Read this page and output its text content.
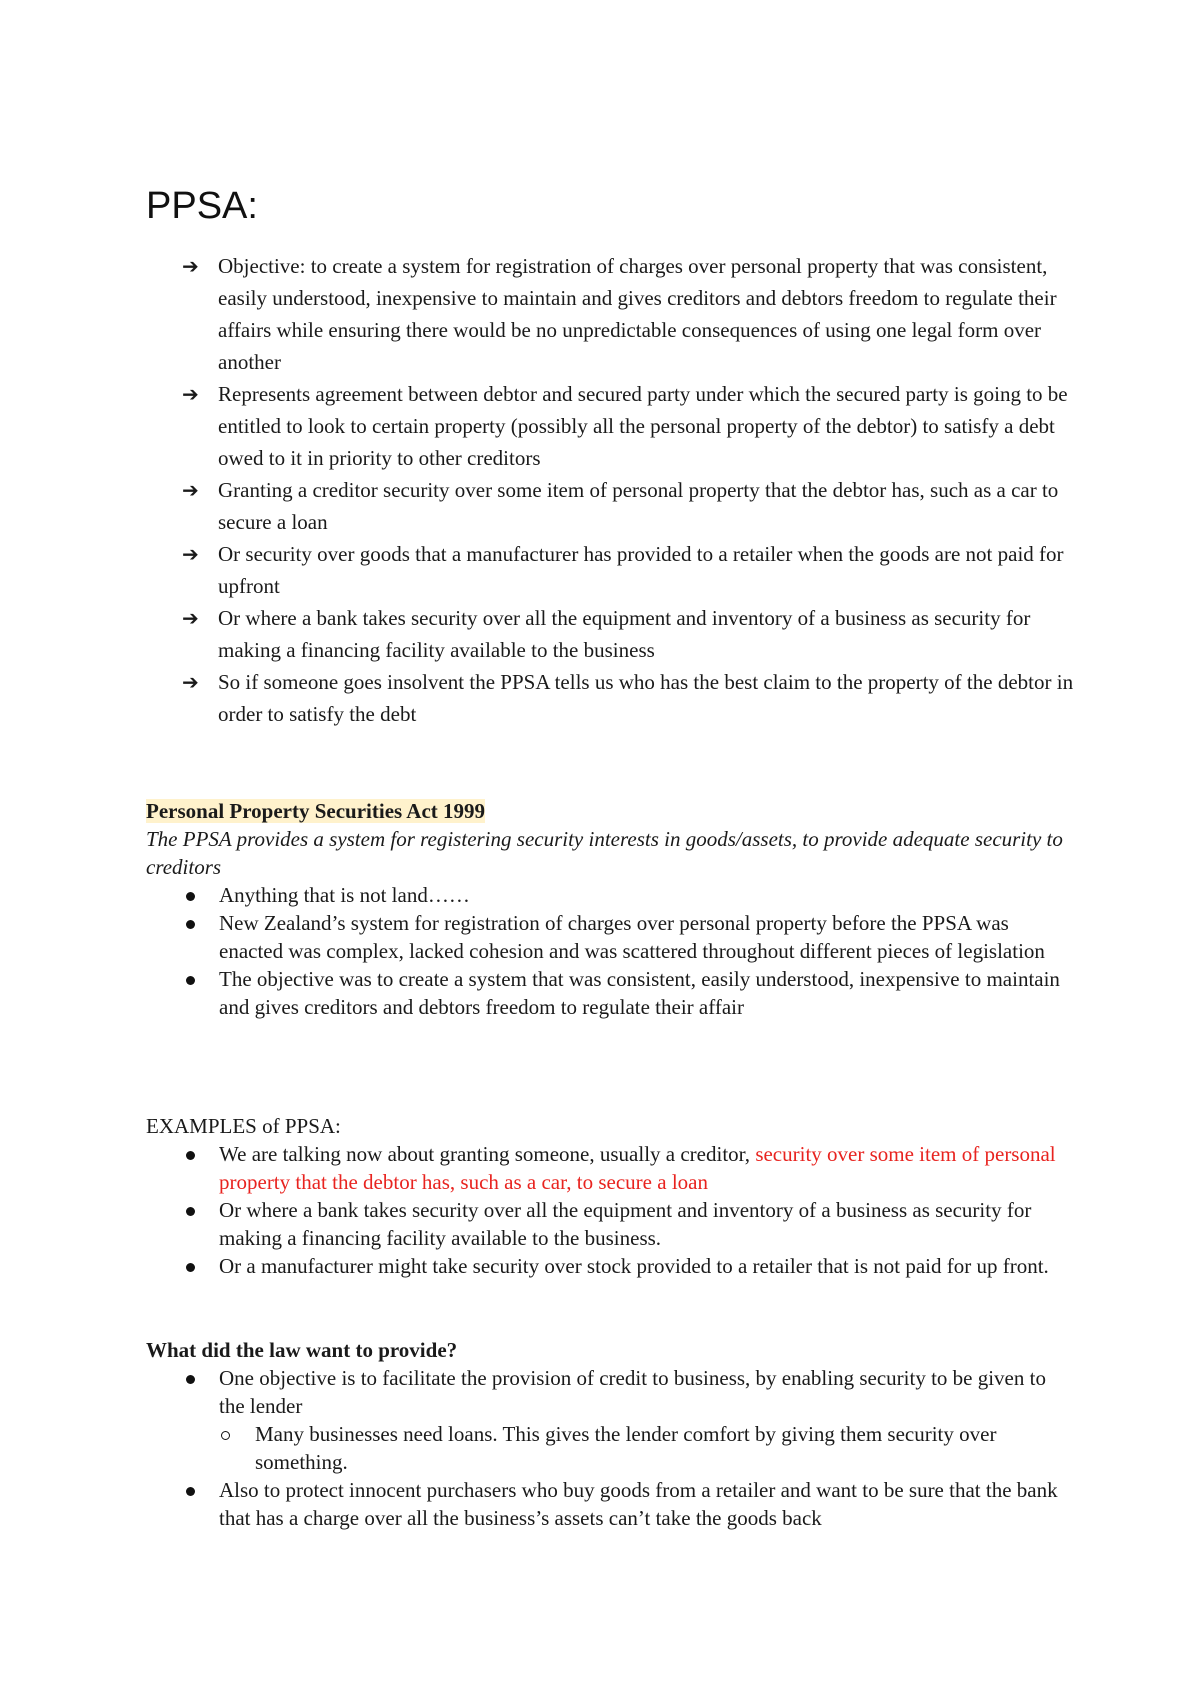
PPSA:
➔ Objective: to create a system for registration of charges over personal property that was consistent, easily understood, inexpensive to maintain and gives creditors and debtors freedom to regulate their affairs while ensuring there would be no unpredictable consequences of using one legal form over another
➔ Represents agreement between debtor and secured party under which the secured party is going to be entitled to look to certain property (possibly all the personal property of the debtor) to satisfy a debt owed to it in priority to other creditors
➔ Granting a creditor security over some item of personal property that the debtor has, such as a car to secure a loan
➔ Or security over goods that a manufacturer has provided to a retailer when the goods are not paid for upfront
➔ Or where a bank takes security over all the equipment and inventory of a business as security for making a financing facility available to the business
➔ So if someone goes insolvent the PPSA tells us who has the best claim to the property of the debtor in order to satisfy the debt
Personal Property Securities Act 1999
The PPSA provides a system for registering security interests in goods/assets, to provide adequate security to creditors
Anything that is not land……
New Zealand’s system for registration of charges over personal property before the PPSA was enacted was complex, lacked cohesion and was scattered throughout different pieces of legislation
The objective was to create a system that was consistent, easily understood, inexpensive to maintain and gives creditors and debtors freedom to regulate their affair
EXAMPLES of PPSA:
We are talking now about granting someone, usually a creditor, security over some item of personal property that the debtor has, such as a car, to secure a loan
Or where a bank takes security over all the equipment and inventory of a business as security for making a financing facility available to the business.
Or a manufacturer might take security over stock provided to a retailer that is not paid for up front.
What did the law want to provide?
One objective is to facilitate the provision of credit to business, by enabling security to be given to the lender
Many businesses need loans. This gives the lender comfort by giving them security over something.
Also to protect innocent purchasers who buy goods from a retailer and want to be sure that the bank that has a charge over all the business’s assets can’t take the goods back
